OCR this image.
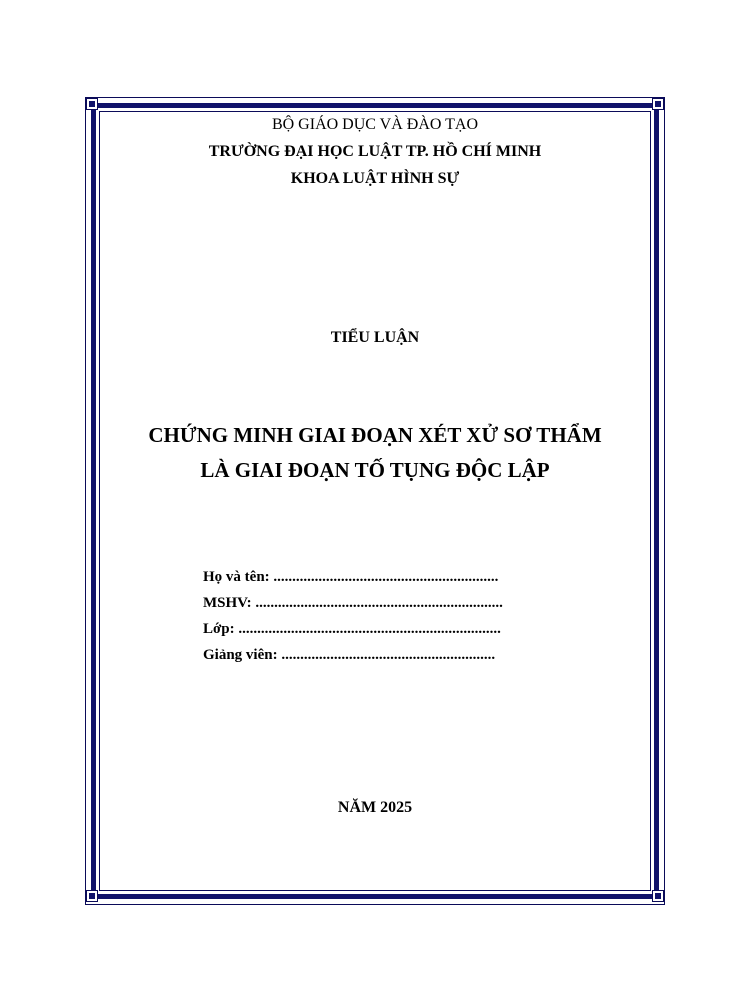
BỘ GIÁO DỤC VÀ ĐÀO TẠO
TRƯỜNG ĐẠI HỌC LUẬT TP. HỒ CHÍ MINH
KHOA LUẬT HÌNH SỰ
TIỂU LUẬN
CHỨNG MINH GIAI ĐOẠN XÉT XỬ SƠ THẨM
LÀ GIAI ĐOẠN TỐ TỤNG ĐỘC LẬP
Họ và tên: ............................................................
MSHV: ..................................................................
Lớp: ......................................................................
Giảng viên: .........................................................
NĂM 2025
